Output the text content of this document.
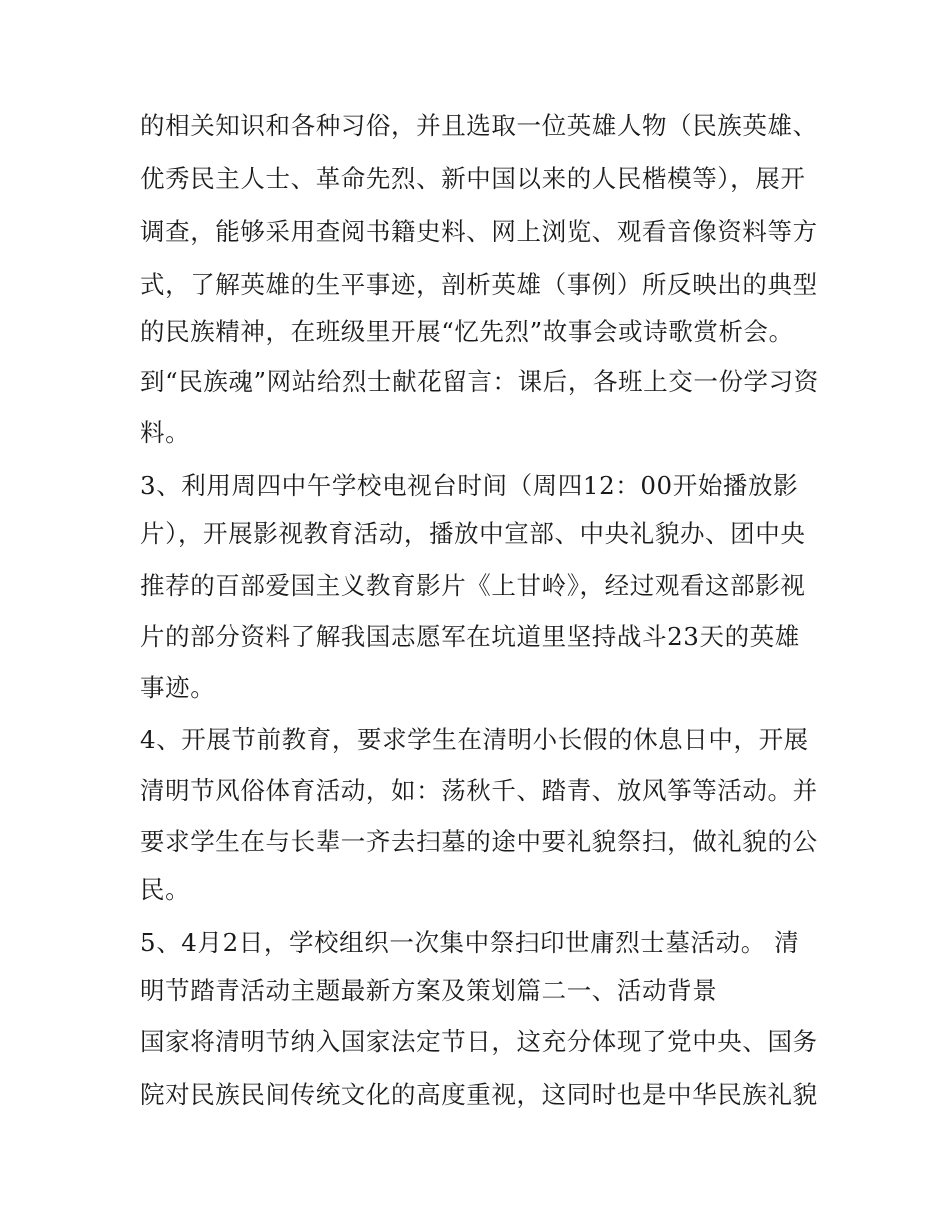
的相关知识和各种习俗，并且选取一位英雄人物（民族英雄、
优秀民主人士、革命先烈、新中国以来的人民楷模等），展开
调查，能够采用查阅书籍史料、网上浏览、观看音像资料等方
式，了解英雄的生平事迹，剖析英雄（事例）所反映出的典型
的民族精神，在班级里开展“忆先烈”故事会或诗歌赏析会。
到“民族魂”网站给烈士献花留言：课后，各班上交一份学习资
料。
3、利用周四中午学校电视台时间（周四12：00开始播放影
片），开展影视教育活动，播放中宣部、中央礼貌办、团中央
推荐的百部爱国主义教育影片《上甘岭》，经过观看这部影视
片的部分资料了解我国志愿军在坑道里坚持战斗23天的英雄
事迹。
4、开展节前教育，要求学生在清明小长假的休息日中，开展
清明节风俗体育活动，如：荡秋千、踏青、放风筝等活动。并
要求学生在与长辈一齐去扫墓的途中要礼貌祭扫，做礼貌的公
民。
5、4月2日，学校组织一次集中祭扫印世庸烈士墓活动。 清
明节踏青活动主题最新方案及策划篇二一、活动背景
国家将清明节纳入国家法定节日，这充分体现了党中央、国务
院对民族民间传统文化的高度重视，这同时也是中华民族礼貌
